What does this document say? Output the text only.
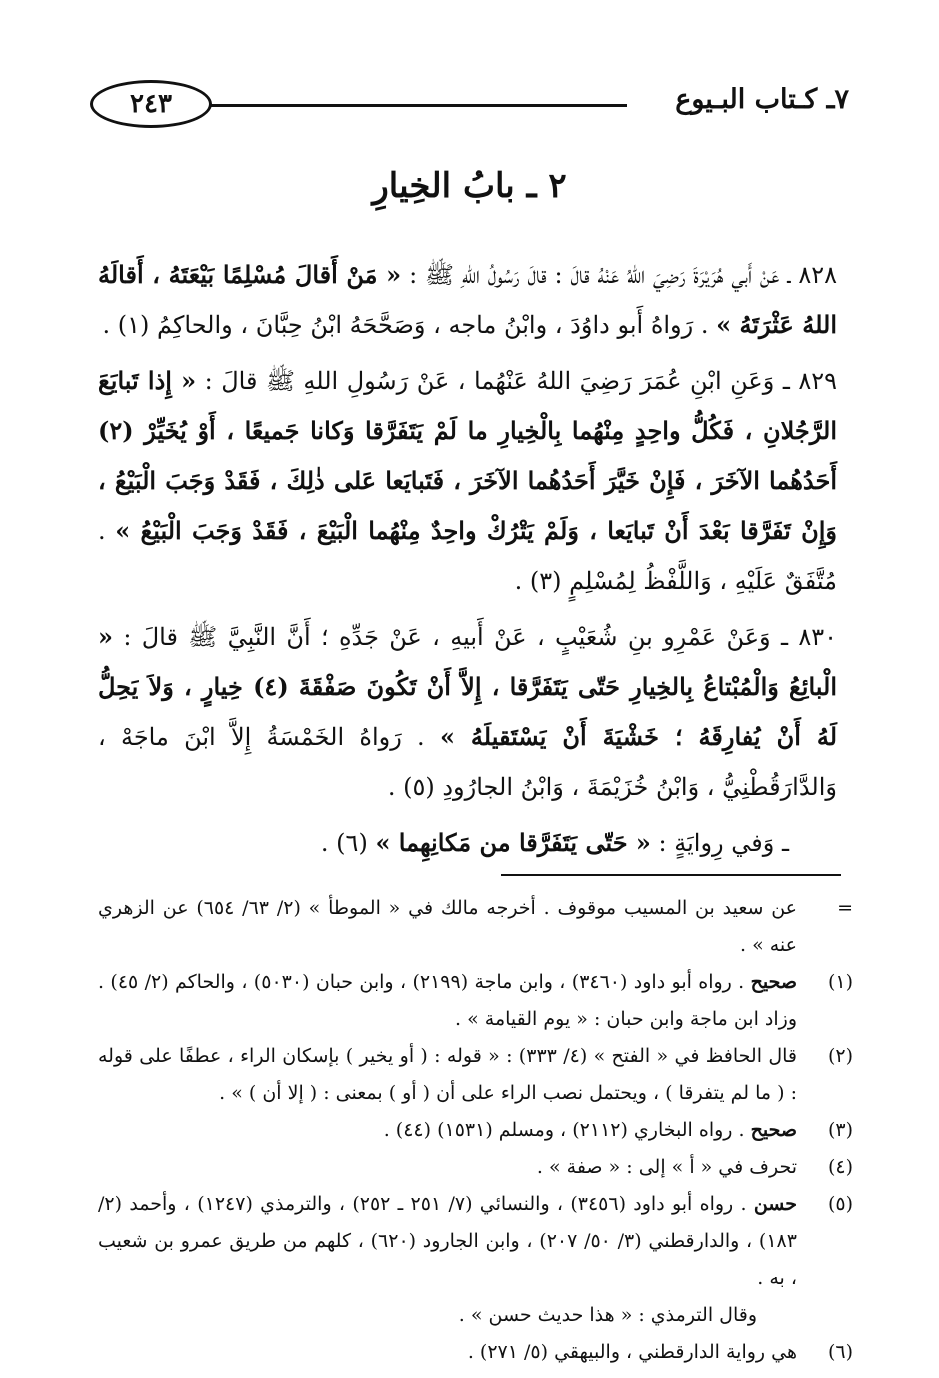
٧ـ كـتاب البـيوع
٢٤٣
٢ ـ بابُ الخِيارِ

٨٢٨ ـ عَنْ أَبي هُرَيْرَةَ رَضِيَ اللهُ عَنْهُ قالَ : قالَ رَسُولُ اللهِ ﷺ : « مَنْ أَقالَ مُسْلِمًا بَيْعَتَهُ ، أَقالَهُ اللهُ عَثْرَتَهُ » . رَواهُ أَبو داوُدَ ، وابْنُ ماجه ، وَصَحَّحَهُ ابْنُ حِبَّانَ ، والحاكِمُ (١) .

٨٢٩ ـ وَعَنِ ابْنِ عُمَرَ رَضِيَ اللهُ عَنْهُما ، عَنْ رَسُولِ اللهِ ﷺ قالَ : « إِذا تَبايَعَ الرَّجُلانِ ، فَكُلُّ واحِدٍ مِنْهُما بِالْخِيارِ ما لَمْ يَتَفَرَّقا وَكانا جَميعًا ، أَوْ يُخَيِّرْ (٢) أَحَدُهُما الآخَرَ ، فَإِنْ خَيَّرَ أَحَدُهُما الآخَرَ ، فَتَبايَعا عَلى ذٰلِكَ ، فَقَدْ وَجَبَ الْبَيْعُ ، وَإِنْ تَفَرَّقا بَعْدَ أَنْ تَبايَعا ، وَلَمْ يَتْرُكْ واحِدٌ مِنْهُما الْبَيْعَ ، فَقَدْ وَجَبَ الْبَيْعُ » . مُتَّفَقٌ عَلَيْهِ ، وَاللَّفْظُ لِمُسْلِمٍ (٣) .

٨٣٠ ـ وَعَنْ عَمْرِو بنِ شُعَيْبٍ ، عَنْ أَبيهِ ، عَنْ جَدِّهِ ؛ أَنَّ النَّبِيَّ ﷺ قالَ : « الْبائِعُ وَالْمُبْتاعُ بِالخِيارِ حَتّى يَتَفَرَّقا ، إِلاَّ أَنْ تَكُونَ صَفْقَةَ (٤) خِيارٍ ، وَلاَ يَحِلُّ لَهُ أَنْ يُفارِقَهُ ؛ خَشْيَةَ أَنْ يَسْتَقيلَهُ » . رَواهُ الخَمْسَةُ إِلاَّ ابْنَ ماجَهْ ، وَالدَّارَقُطْنِيُّ ، وَابْنُ خُزَيْمَةَ ، وَابْنُ الجارُودِ (٥) .

ـ وَفي رِوايَةٍ : « حَتّى يَتَفَرَّقا من مَكانِهِما » (٦) .

=
عن سعيد بن المسيب موقوف . أخرجه مالك في « الموطأ » (٢/ ٦٣/ ٦٥٤) عن الزهري عنه » .
(١)
صحيح . رواه أبو داود (٣٤٦٠) ، وابن ماجة (٢١٩٩) ، وابن حبان (٥٠٣٠) ، والحاكم (٢/ ٤٥) . وزاد ابن ماجة وابن حبان : « يوم القيامة » .
(٢)
قال الحافظ في « الفتح » (٤/ ٣٣٣) : « قوله : ( أو يخير ) بإسكان الراء ، عطفًا على قوله : ( ما لم يتفرقا ) ، ويحتمل نصب الراء على أن ( أو ) بمعنى : ( إلا أن ) » .
(٣)
صحيح . رواه البخاري (٢١١٢) ، ومسلم (١٥٣١) (٤٤) .
(٤)
تحرف في « أ » إلى : « صفة » .
(٥)
حسن . رواه أبو داود (٣٤٥٦) ، والنسائي (٧/ ٢٥١ ـ ٢٥٢) ، والترمذي (١٢٤٧) ، وأحمد (٢/ ١٨٣) ، والدارقطني (٣/ ٥٠/ ٢٠٧) ، وابن الجارود (٦٢٠) ، كلهم من طريق عمرو بن شعيب ، به .
وقال الترمذي : « هذا حديث حسن » .
(٦)
هي رواية الدارقطني ، والبيهقي (٥/ ٢٧١) .
